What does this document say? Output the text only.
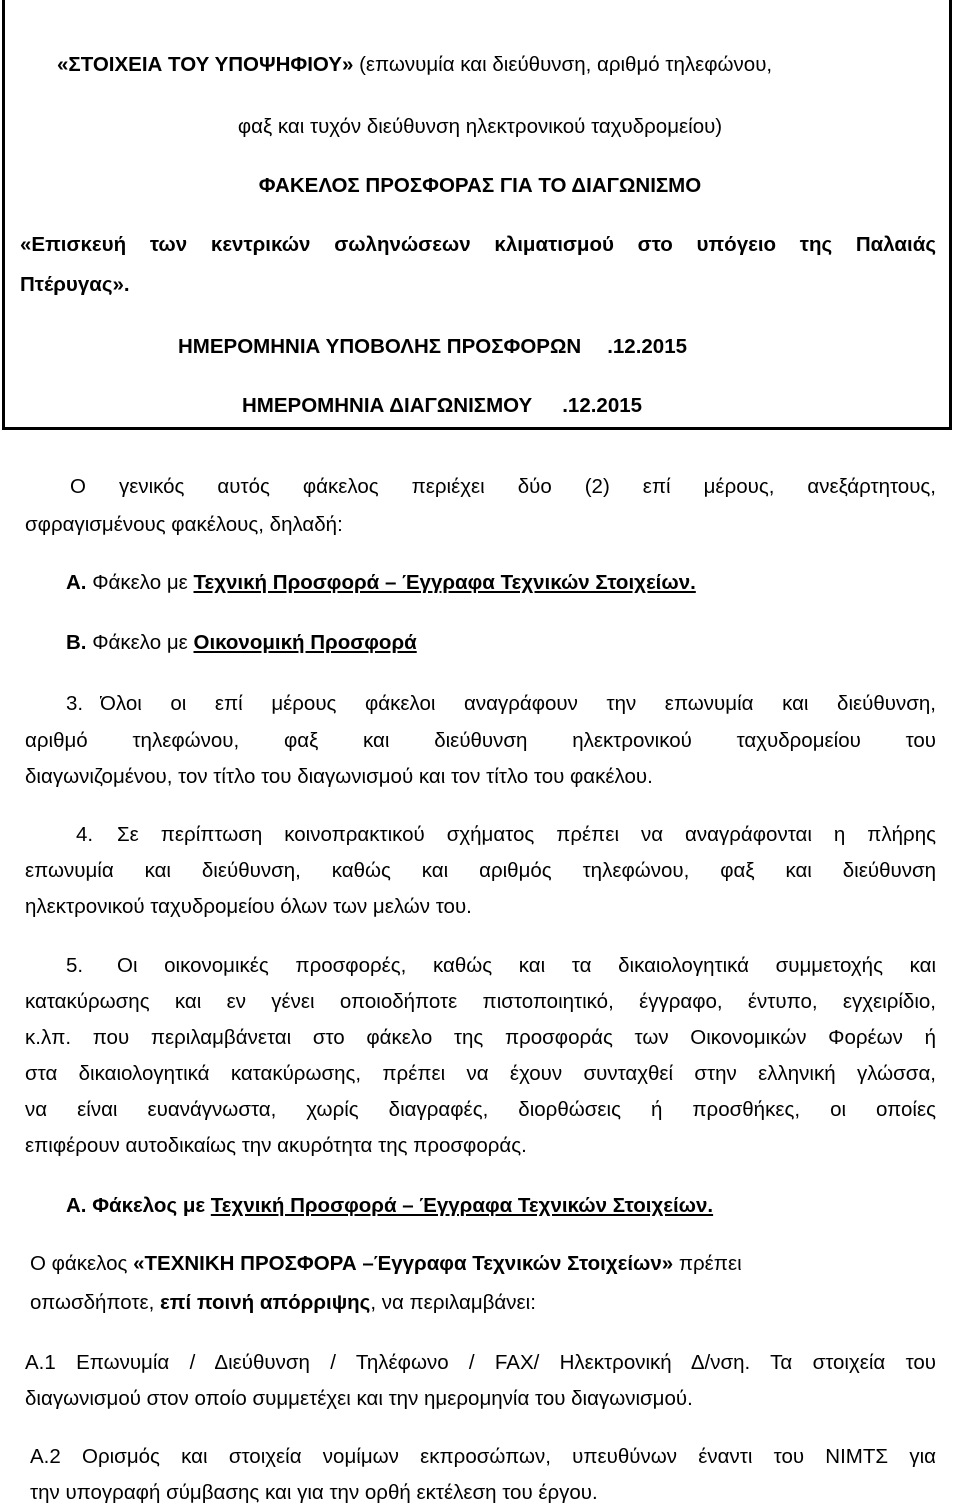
«ΣΤΟΙΧΕΙΑ ΤΟΥ ΥΠΟΨΗΦΙΟΥ» (επωνυμία και διεύθυνση, αριθμό τηλεφώνου,
φαξ και τυχόν διεύθυνση ηλεκτρονικού ταχυδρομείου)
ΦΑΚΕΛΟΣ ΠΡΟΣΦΟΡΑΣ ΓΙΑ ΤΟ ΔΙΑΓΩΝΙΣΜΟ
«Επισκευή των κεντρικών σωληνώσεων κλιματισμού στο υπόγειο της Παλαιάς
Πτέρυγας».
ΗΜΕΡΟΜΗΝΙΑ ΥΠΟΒΟΛΗΣ ΠΡΟΣΦΟΡΩΝ .12.2015
ΗΜΕΡΟΜΗΝΙΑ ΔΙΑΓΩΝΙΣΜΟΥ .12.2015
Ο γενικός αυτός φάκελος περιέχει δύο (2) επί μέρους, ανεξάρτητους,
σφραγισμένους φακέλους, δηλαδή:
Α. Φάκελο με Τεχνική Προσφορά – Έγγραφα Τεχνικών Στοιχείων.
Β. Φάκελο με Οικονομική Προσφορά
3. Όλοι οι επί μέρους φάκελοι αναγράφουν την επωνυμία και διεύθυνση,
αριθμό τηλεφώνου, φαξ και διεύθυνση ηλεκτρονικού ταχυδρομείου του
διαγωνιζομένου, τον τίτλο του διαγωνισμού και τον τίτλο του φακέλου.
4. Σε περίπτωση κοινοπρακτικού σχήματος πρέπει να αναγράφονται η πλήρης
επωνυμία και διεύθυνση, καθώς και αριθμός τηλεφώνου, φαξ και διεύθυνση
ηλεκτρονικού ταχυδρομείου όλων των μελών του.
5. Οι οικονομικές προσφορές, καθώς και τα δικαιολογητικά συμμετοχής και
κατακύρωσης και εν γένει οποιοδήποτε πιστοποιητικό, έγγραφο, έντυπο, εγχειρίδιο,
κ.λπ. που περιλαμβάνεται στο φάκελο της προσφοράς των Οικονομικών Φορέων ή
στα δικαιολογητικά κατακύρωσης, πρέπει να έχουν συνταχθεί στην ελληνική γλώσσα,
να είναι ευανάγνωστα, χωρίς διαγραφές, διορθώσεις ή προσθήκες, οι οποίες
επιφέρουν αυτοδικαίως την ακυρότητα της προσφοράς.
Α. Φάκελος με Τεχνική Προσφορά – Έγγραφα Τεχνικών Στοιχείων.
Ο φάκελος «ΤΕΧΝΙΚΗ ΠΡΟΣΦΟΡΑ –Έγγραφα Τεχνικών Στοιχείων» πρέπει
οπωσδήποτε, επί ποινή απόρριψης, να περιλαμβάνει:
Α.1 Επωνυμία / Διεύθυνση / Τηλέφωνο / FAX/ Ηλεκτρονική Δ/νση. Τα στοιχεία του
διαγωνισμού στον οποίο συμμετέχει και την ημερομηνία του διαγωνισμού.
Α.2 Ορισμός και στοιχεία νομίμων εκπροσώπων, υπευθύνων έναντι του ΝΙΜΤΣ για
την υπογραφή σύμβασης και για την ορθή εκτέλεση του έργου.
